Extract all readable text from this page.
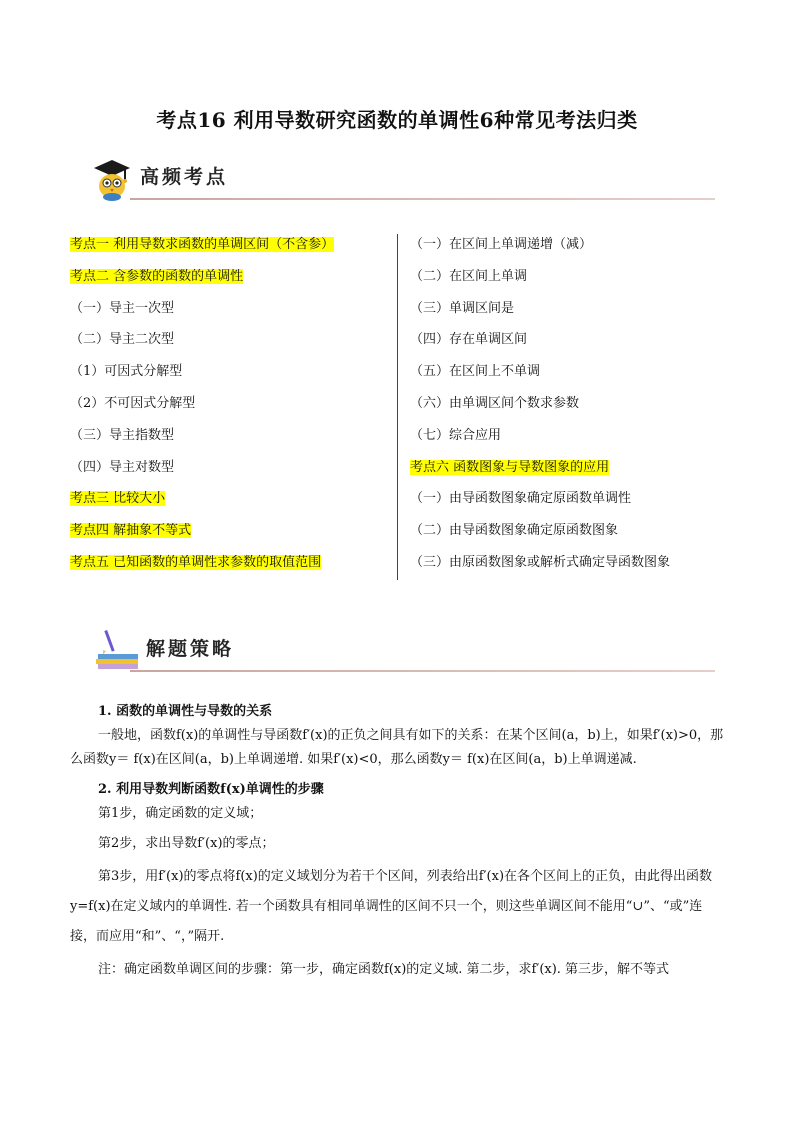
考点16 利用导数研究函数的单调性6种常见考法归类
高频考点
考点一 利用导数求函数的单调区间（不含参）
考点二 含参数的函数的单调性
（一）导主一次型
（二）导主二次型
（1）可因式分解型
（2）不可因式分解型
（三）导主指数型
（四）导主对数型
考点三 比较大小
考点四 解抽象不等式
考点五 已知函数的单调性求参数的取值范围
（一）在区间上单调递增（减）
（二）在区间上单调
（三）单调区间是
（四）存在单调区间
（五）在区间上不单调
（六）由单调区间个数求参数
（七）综合应用
考点六 函数图象与导数图象的应用
（一）由导函数图象确定原函数单调性
（二）由导函数图象确定原函数图象
（三）由原函数图象或解析式确定导函数图象
解题策略

1. 函数的单调性与导数的关系

一般地，函数f(x)的单调性与导函数f′(x)的正负之间具有如下的关系：在某个区间(a，b)上，如果f′(x)>0，那么函数y＝ f(x)在区间(a，b)上单调递增. 如果f′(x)<0，那么函数y＝ f(x)在区间(a，b)上单调递减.

2. 利用导数判断函数f(x)单调性的步骤

第1步，确定函数的定义域；

第2步，求出导数f′(x)的零点；

第3步，用f′(x)的零点将f(x)的定义域划分为若干个区间，列表给出f′(x)在各个区间上的正负，由此得出函数y=f(x)在定义域内的单调性. 若一个函数具有相同单调性的区间不只一个，则这些单调区间不能用“∪”、“或”连接，而应用“和”、“，”隔开.

注：确定函数单调区间的步骤：第一步，确定函数f(x)的定义域. 第二步，求f′(x). 第三步，解不等式
